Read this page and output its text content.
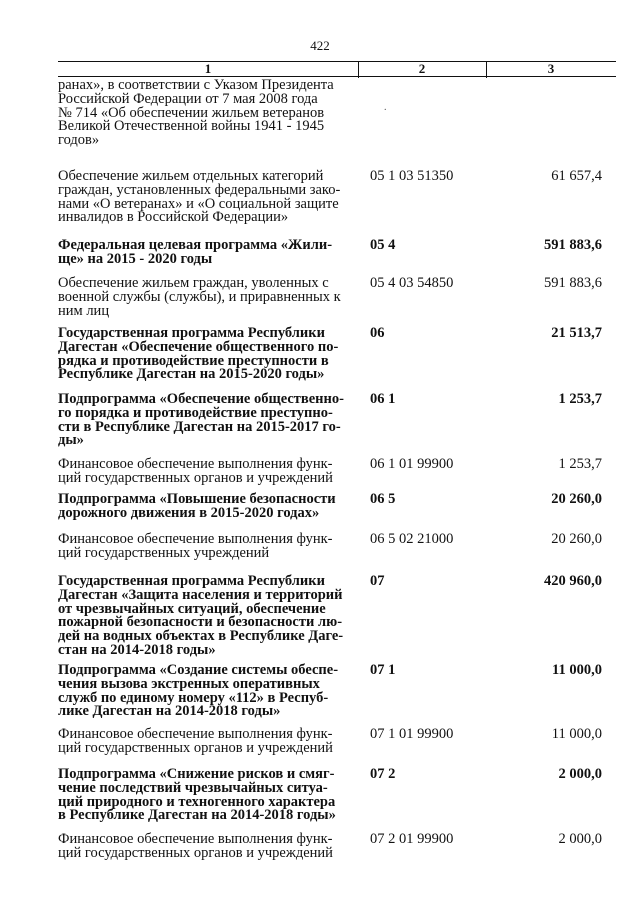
422
1	2	3
ранах», в соответствии с Указом Президента
Российской Федерации от 7 мая 2008 года
№ 714 «Об обеспечении жильем ветеранов
Великой Отечественной войны 1941 - 1945
годов»
Обеспечение жильем отдельных категорий
граждан, установленных федеральными зако-
нами «О ветеранах» и «О социальной защите
инвалидов в Российской Федерации»
05 1 03 51350	61 657,4
Федеральная целевая программа «Жили-
ще» на 2015 - 2020 годы
05 4	591 883,6
Обеспечение жильем граждан, уволенных с
военной службы (службы), и приравненных к
ним лиц
05 4 03 54850	591 883,6
Государственная программа Республики
Дагестан «Обеспечение общественного по-
рядка и противодействие преступности в
Республике Дагестан на 2015-2020 годы»
06	21 513,7
Подпрограмма «Обеспечение общественно-
го порядка и противодействие преступно-
сти в Республике Дагестан на 2015-2017 го-
ды»
06 1	1 253,7
Финансовое обеспечение выполнения функ-
ций государственных органов и учреждений
06 1 01 99900	1 253,7
Подпрограмма «Повышение безопасности
дорожного движения в 2015-2020 годах»
06 5	20 260,0
Финансовое обеспечение выполнения функ-
ций государственных учреждений
06 5 02 21000	20 260,0
Государственная программа Республики
Дагестан «Защита населения и территорий
от чрезвычайных ситуаций, обеспечение
пожарной безопасности и безопасности лю-
дей на водных объектах в Республике Даге-
стан на 2014-2018 годы»
07	420 960,0
Подпрограмма «Создание системы обеспе-
чения вызова экстренных оперативных
служб по единому номеру «112» в Респуб-
лике Дагестан на 2014-2018 годы»
07 1	11 000,0
Финансовое обеспечение выполнения функ-
ций государственных органов и учреждений
07 1 01 99900	11 000,0
Подпрограмма «Снижение рисков и смяг-
чение последствий чрезвычайных ситуа-
ций природного и техногенного характера
в Республике Дагестан на 2014-2018 годы»
07 2	2 000,0
Финансовое обеспечение выполнения функ-
ций государственных органов и учреждений
07 2 01 99900	2 000,0
.
